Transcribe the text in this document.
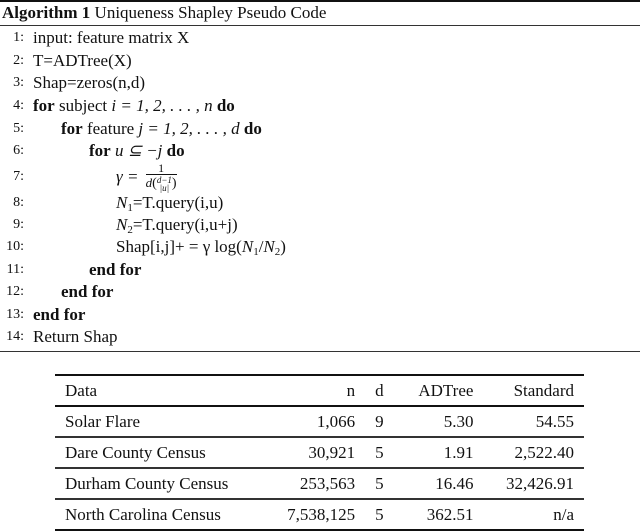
Algorithm 1 Uniqueness Shapley Pseudo Code
1: input: feature matrix X
2: T=ADTree(X)
3: Shap=zeros(n,d)
4: for subject i = 1, 2, . . . , n do
5: for feature j = 1, 2, . . . , d do
6:	for u ⊆ −j do
7:	γ = 1
d( d−1
|u| )
8:	$N_1=T.query(i,u)$
9:	$N_2=T.query(i,u+j)$
10:	Shap[i,j]+ = γ $\log(N_1/N_2)$
11:	end for
12: end for
13: end for
14: Return Shap
Data	n	d	ADTree	Standard
Solar Flare	1,066	9	5.30	54.55
Dare County Census	30,921	5	1.91	2,522.40
Durham County Census	253,563	5	16.46	32,426.91
North Carolina Census	7,538,125	5	362.51	n/a
